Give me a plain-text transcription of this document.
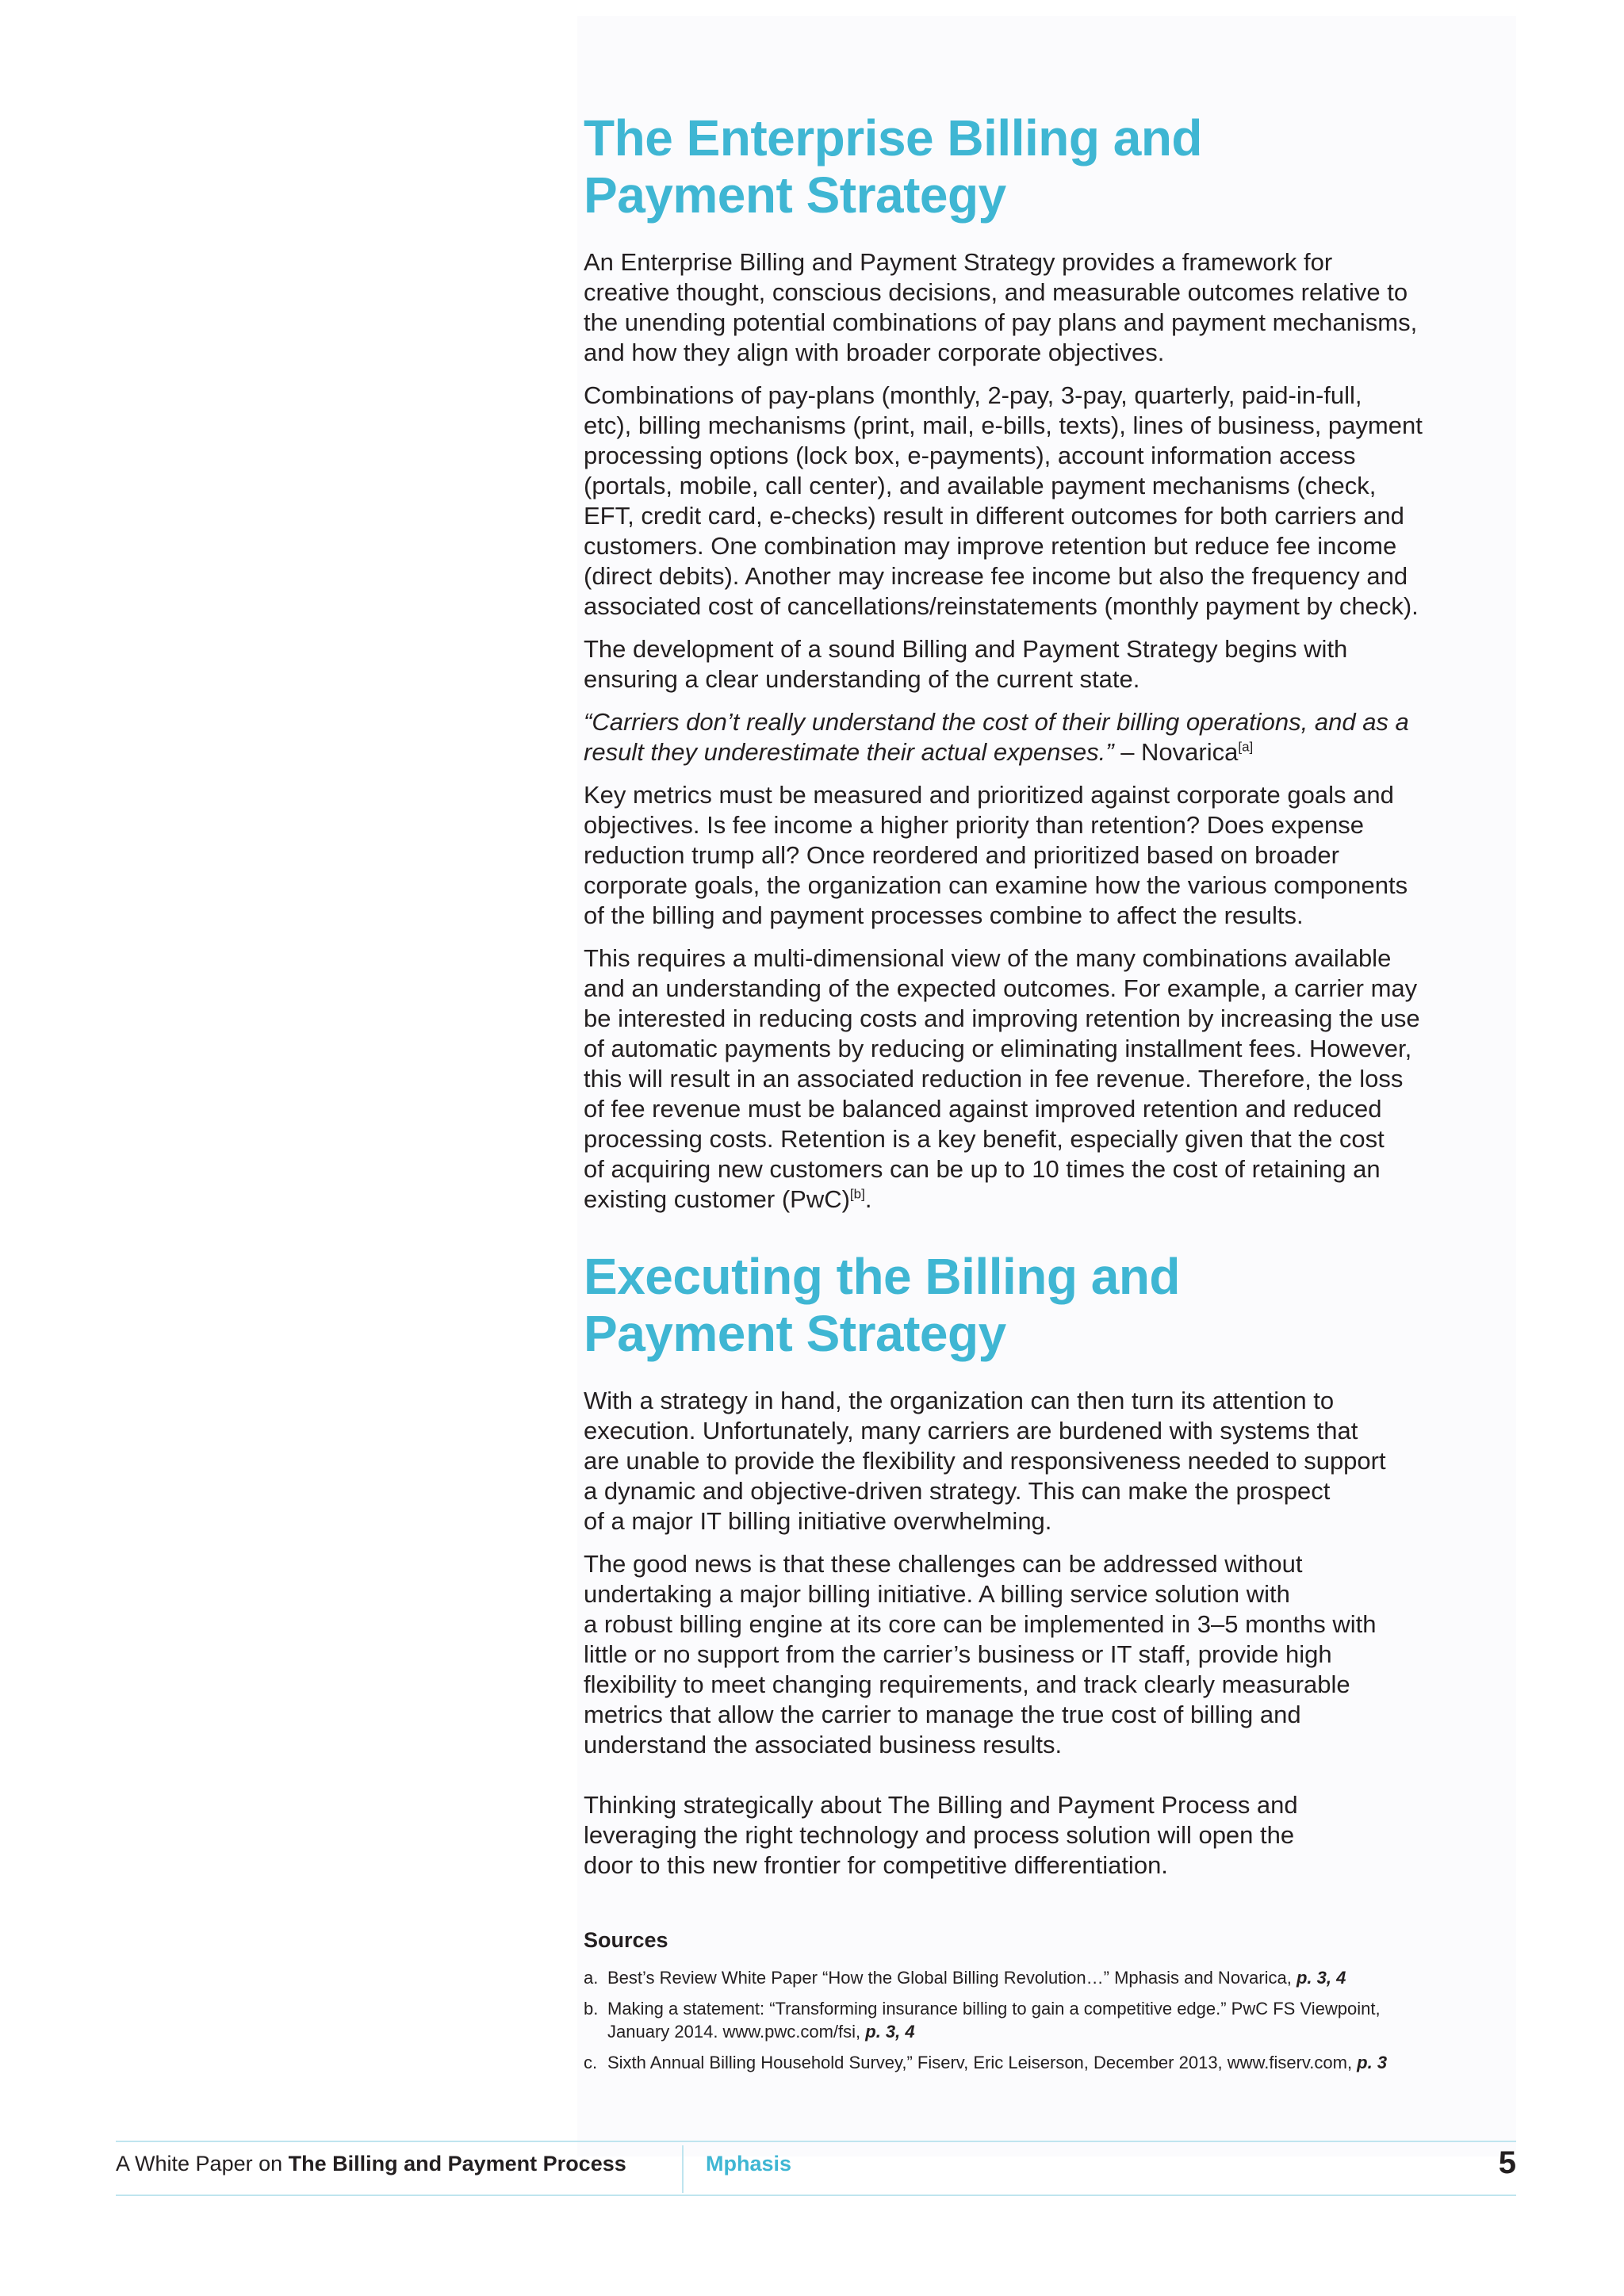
The Enterprise Billing and
Payment Strategy

An Enterprise Billing and Payment Strategy provides a framework for
creative thought, conscious decisions, and measurable outcomes relative to
the unending potential combinations of pay plans and payment mechanisms,
and how they align with broader corporate objectives.

Combinations of pay-plans (monthly, 2-pay, 3-pay, quarterly, paid-in-full,
etc), billing mechanisms (print, mail, e-bills, texts), lines of business, payment
processing options (lock box, e-payments), account information access
(portals, mobile, call center), and available payment mechanisms (check,
EFT, credit card, e-checks) result in different outcomes for both carriers and
customers. One combination may improve retention but reduce fee income
(direct debits). Another may increase fee income but also the frequency and
associated cost of cancellations/reinstatements (monthly payment by check).

The development of a sound Billing and Payment Strategy begins with
ensuring a clear understanding of the current state.

“Carriers don’t really understand the cost of their billing operations, and as a
result they underestimate their actual expenses.” – Novarica[a]

Key metrics must be measured and prioritized against corporate goals and
objectives. Is fee income a higher priority than retention? Does expense
reduction trump all? Once reordered and prioritized based on broader
corporate goals, the organization can examine how the various components
of the billing and payment processes combine to affect the results.

This requires a multi-dimensional view of the many combinations available
and an understanding of the expected outcomes. For example, a carrier may
be interested in reducing costs and improving retention by increasing the use
of automatic payments by reducing or eliminating installment fees. However,
this will result in an associated reduction in fee revenue. Therefore, the loss
of fee revenue must be balanced against improved retention and reduced
processing costs. Retention is a key benefit, especially given that the cost
of acquiring new customers can be up to 10 times the cost of retaining an
existing customer (PwC)[b].

Executing the Billing and
Payment Strategy

With a strategy in hand, the organization can then turn its attention to
execution. Unfortunately, many carriers are burdened with systems that
are unable to provide the flexibility and responsiveness needed to support
a dynamic and objective-driven strategy. This can make the prospect
of a major IT billing initiative overwhelming.

The good news is that these challenges can be addressed without
undertaking a major billing initiative. A billing service solution with
a robust billing engine at its core can be implemented in 3–5 months with
little or no support from the carrier’s business or IT staff, provide high
flexibility to meet changing requirements, and track clearly measurable
metrics that allow the carrier to manage the true cost of billing and
understand the associated business results.

Thinking strategically about The Billing and Payment Process and
leveraging the right technology and process solution will open the
door to this new frontier for competitive differentiation.

Sources
a. Best’s Review White Paper “How the Global Billing Revolution…” Mphasis and Novarica, p. 3, 4
b. Making a statement: “Transforming insurance billing to gain a competitive edge.” PwC FS Viewpoint,
January 2014. www.pwc.com/fsi, p. 3, 4
c. Sixth Annual Billing Household Survey,” Fiserv, Eric Leiserson, December 2013, www.fiserv.com, p. 3
A White Paper on The Billing and Payment Process	Mphasis	5
